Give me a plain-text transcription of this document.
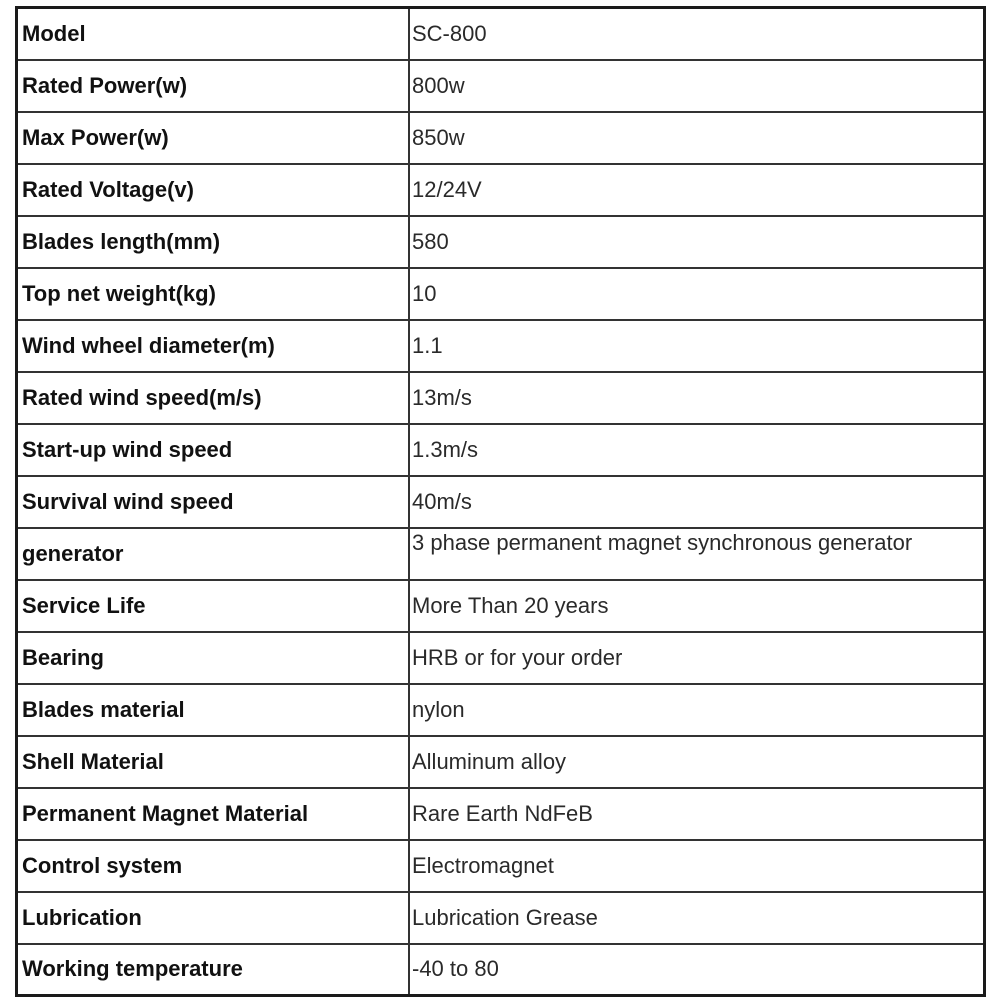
Model	SC-800
Rated Power(w)	800w
Max Power(w)	850w
Rated Voltage(v)	12/24V
Blades length(mm)	580
Top net weight(kg)	10
Wind wheel diameter(m)	1.1
Rated wind speed(m/s)	13m/s
Start-up wind speed	1.3m/s
Survival wind speed	40m/s
generator	3 phase permanent magnet synchronous generator
Service Life	More Than 20 years
Bearing	HRB or for your order
Blades material	nylon
Shell Material	Alluminum alloy
Permanent Magnet Material	Rare Earth NdFeB
Control system	Electromagnet
Lubrication	Lubrication Grease
Working temperature	-40 to 80
